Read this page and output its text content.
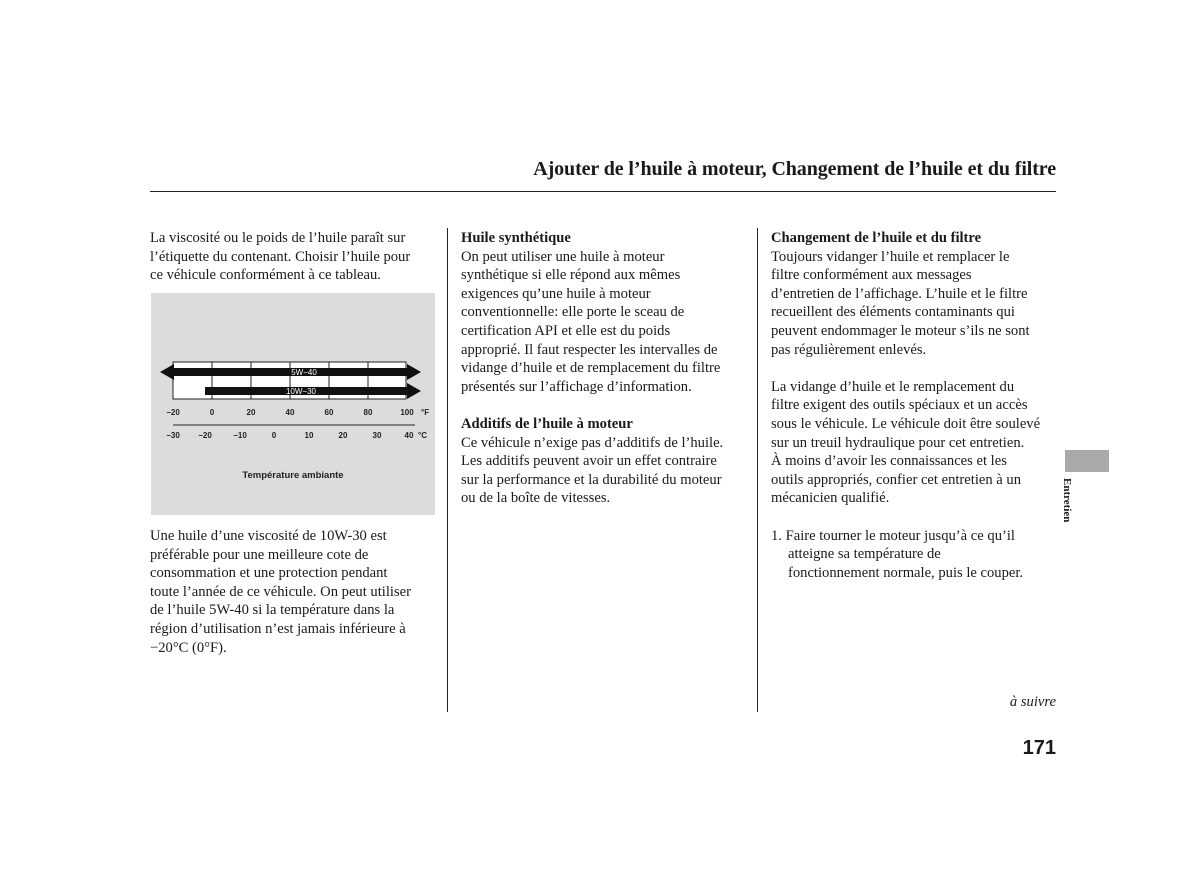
Ajouter de l’huile à moteur, Changement de l’huile et du filtre

La viscosité ou le poids de l’huile paraît sur

l’étiquette du contenant. Choisir l’huile pour

ce véhicule conformément à ce tableau.

5W−40
10W−30
−20	0	20	40	60	80	100 °F
−30 −20	−10	0	10	20	30	40 °C
Température ambiante

Une huile d’une viscosité de 10W-30 est

préférable pour une meilleure cote de

consommation et une protection pendant

toute l’année de ce véhicule. On peut utiliser

de l’huile 5W-40 si la température dans la

région d’utilisation n’est jamais inférieure à

−20°C (0°F).

Huile synthétique

On peut utiliser une huile à moteur

synthétique si elle répond aux mêmes

exigences qu’une huile à moteur

conventionnelle: elle porte le sceau de

certification API et elle est du poids

approprié. Il faut respecter les intervalles de

vidange d’huile et de remplacement du filtre

présentés sur l’affichage d’information.

Additifs de l’huile à moteur

Ce véhicule n’exige pas d’additifs de l’huile.

Les additifs peuvent avoir un effet contraire

sur la performance et la durabilité du moteur

ou de la boîte de vitesses.

Changement de l’huile et du filtre

Toujours vidanger l’huile et remplacer le

filtre conformément aux messages

d’entretien de l’affichage. L’huile et le filtre

recueillent des éléments contaminants qui

peuvent endommager le moteur s’ils ne sont

pas régulièrement enlevés.

La vidange d’huile et le remplacement du

filtre exigent des outils spéciaux et un accès

sous le véhicule. Le véhicule doit être soulevé

sur un treuil hydraulique pour cet entretien.

À moins d’avoir les connaissances et les

outils appropriés, confier cet entretien à un

mécanicien qualifié.

1. Faire tourner le moteur jusqu’à ce qu’il

atteigne sa température de

fonctionnement normale, puis le couper.

Entretien
à suivre
171
